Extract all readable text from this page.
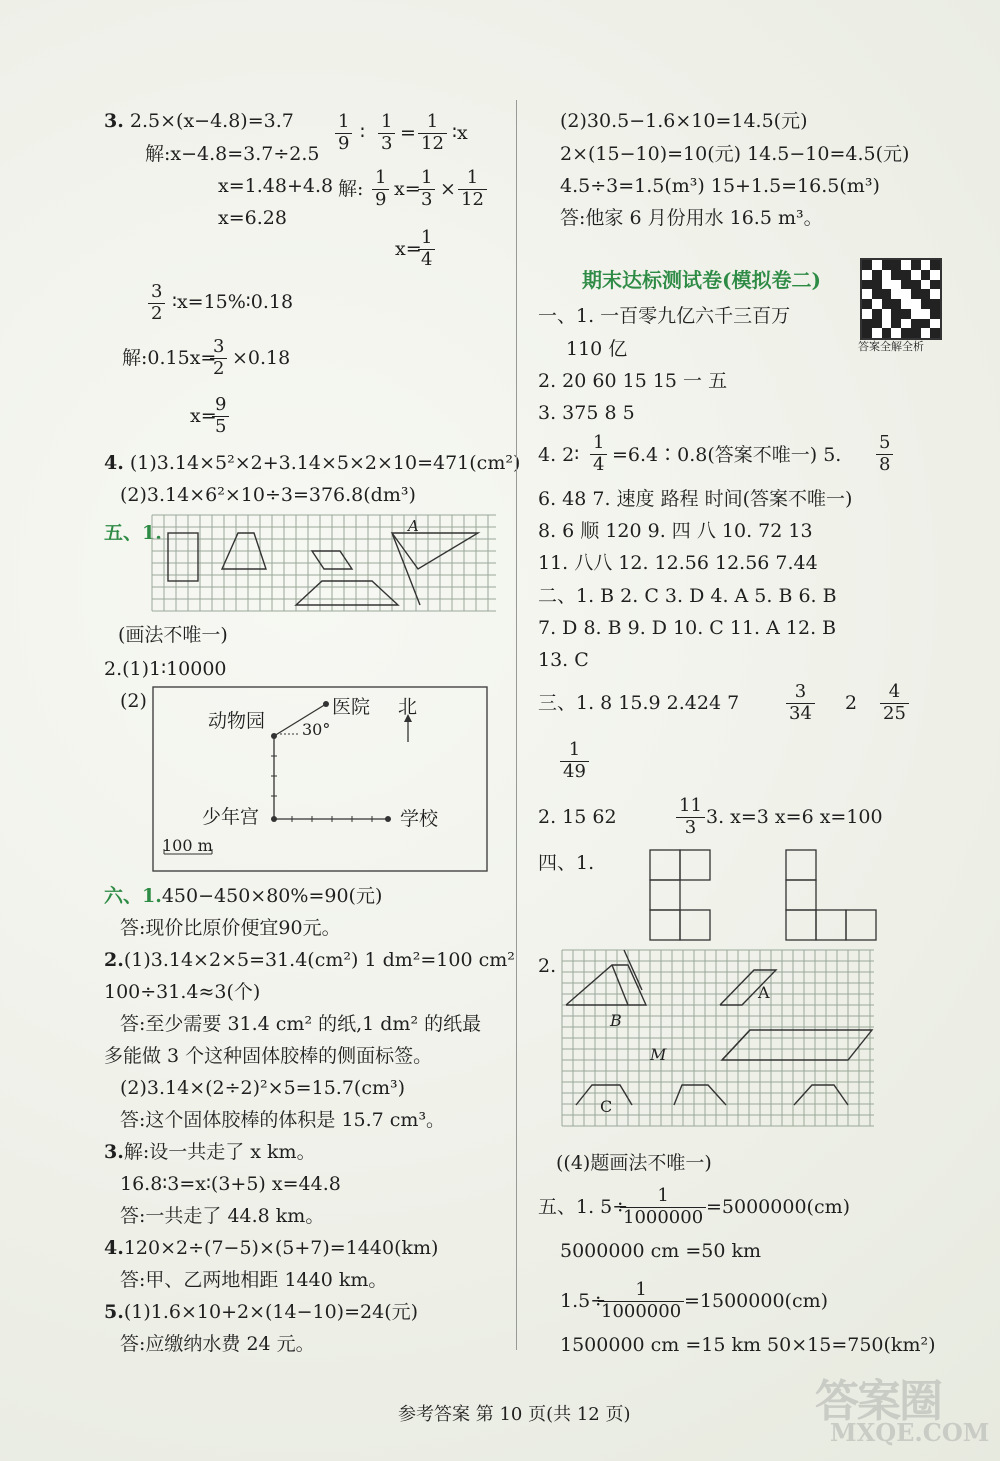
3. 2.5×(x−4.8)=3.7
解:x−4.8=3.7÷2.5
x=1.48+4.8
x=6.28
1
9 ∶
1
3 =
1
12 ∶x
解:
1
9 x=
1
3 ×
1
12
x=
1
4
3
2
∶x=15%∶0.18
解:0.15x=
3
2 ×0.18
x=
9
5
4. (1)3.14×5²×2+3.14×5×2×10=471(cm²)
(2)3.14×6²×10÷3=376.8(dm³)
五、1.	A
(画法不唯一)
2.(1)1∶10000
(2)
动物园
医院 北
30°
少年宫	学校
100 m
六、1.450−450×80%=90(元)
答:现价比原价便宜90元。
2.(1)3.14×2×5=31.4(cm²) 1 dm²=100 cm²
100÷31.4≈3(个)
答:至少需要 31.4 cm² 的纸,1 dm² 的纸最
多能做 3 个这种固体胶棒的侧面标签。
(2)3.14×(2÷2)²×5=15.7(cm³)
答:这个固体胶棒的体积是 15.7 cm³。
3.解:设一共走了 x km。
16.8∶3=x∶(3+5) x=44.8
答:一共走了 44.8 km。
4.120×2÷(7−5)×(5+7)=1440(km)
答:甲、乙两地相距 1440 km。
5.(1)1.6×10+2×(14−10)=24(元)
答:应缴纳水费 24 元。
(2)30.5−1.6×10=14.5(元)
2×(15−10)=10(元) 14.5−10=4.5(元)
4.5÷3=1.5(m³) 15+1.5=16.5(m³)
答:他家 6 月份用水 16.5 m³。
期末达标测试卷(模拟卷二)
答案全解全析
一、1. 一百零九亿六千三百万
110 亿
2. 20 60 15 15 一 五
3. 375 8 5
4. 2∶
1
4 =6.4∶0.8(答案不唯一) 5.
5
8
6. 48 7. 速度 路程 时间(答案不唯一)
8. 6 顺 120 9. 四 八 10. 72 13
11. 八八 12. 12.56 12.56 7.44
二、1. B 2. C 3. D 4. A 5. B 6. B
7. D 8. B 9. D 10. C 11. A 12. B
13. C
三、1. 8 15.9 2.424 7
3
34 2
4
25
1
49
2. 15 62
11
3 3. x=3 x=6 x=100
四、1.
2.
A
B
M
C
((4)题画法不唯一)
五、1. 5÷
1
1000000 =5000000(cm)
5000000 cm =50 km
1.5÷
1
1000000 =1500000(cm)
1500000 cm =15 km 50×15=750(km²)
参考答案 第 10 页(共 12 页)	答案圈
MXQE.COM
